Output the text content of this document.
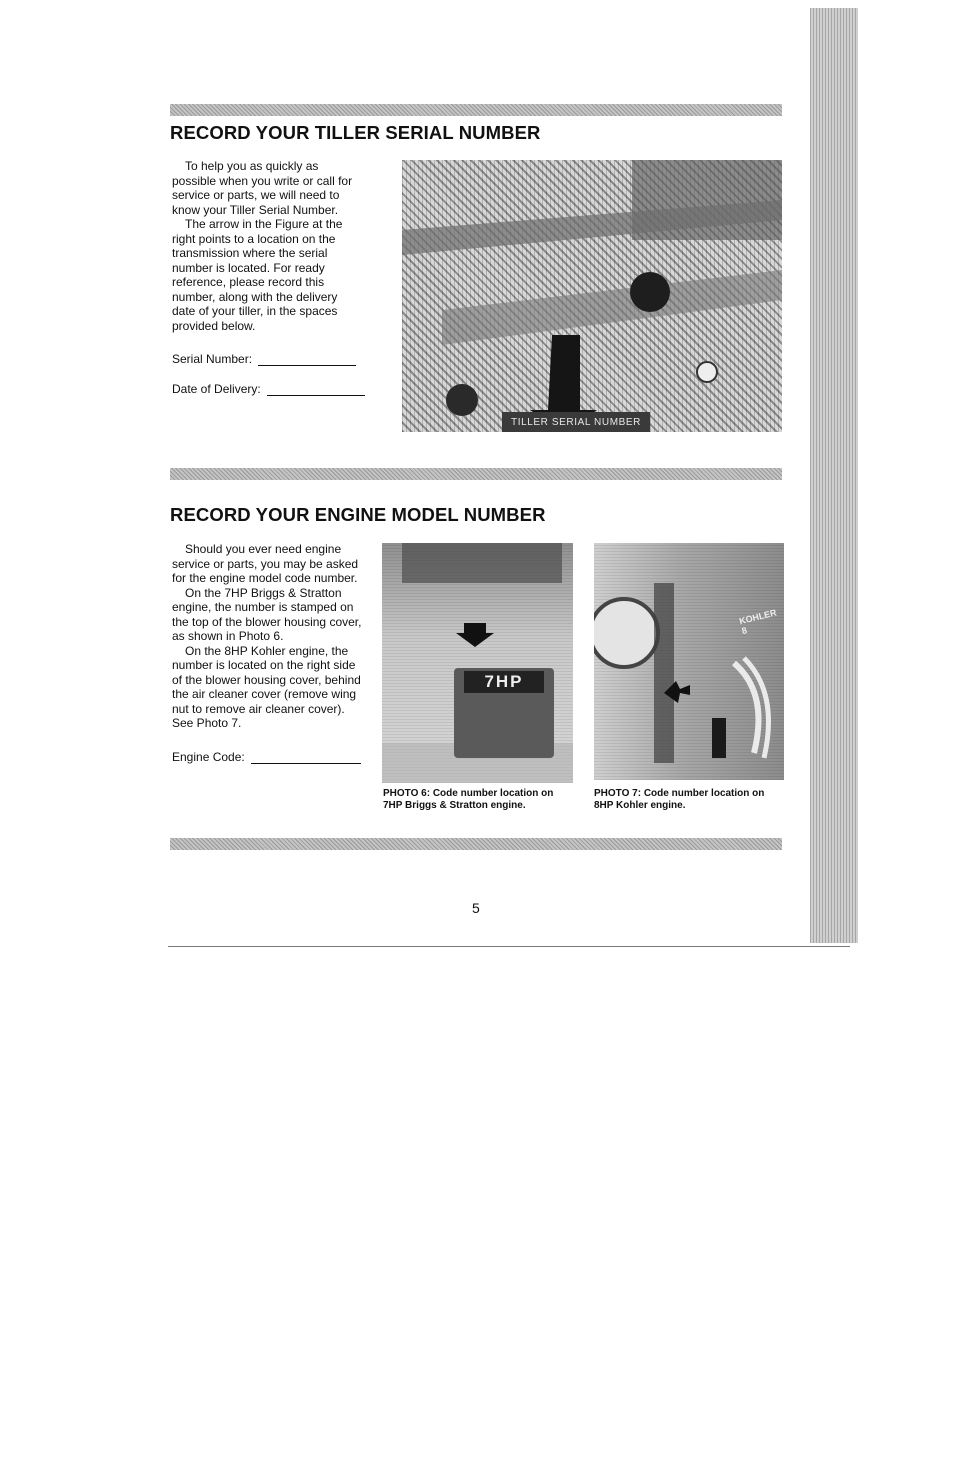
RECORD YOUR TILLER SERIAL NUMBER

To help you as quickly as possible when you write or call for service or parts, we will need to know your Tiller Serial Number.

The arrow in the Figure at the right points to a location on the transmission where the serial number is located. For ready reference, please record this number, along with the delivery date of your tiller, in the spaces provided below.

Serial Number:
Date of Delivery:
TILLER SERIAL NUMBER
RECORD YOUR ENGINE MODEL NUMBER

Should you ever need engine service or parts, you may be asked for the engine model code number.

On the 7HP Briggs & Stratton engine, the number is stamped on the top of the blower housing cover, as shown in Photo 6.

On the 8HP Kohler engine, the number is located on the right side of the blower housing cover, behind the air cleaner cover (remove wing nut to remove air cleaner cover). See Photo 7.

Engine Code:
7HP

PHOTO 6: Code number location on 7HP Briggs & Stratton engine.

KOHLER 8

PHOTO 7: Code number location on 8HP Kohler engine.

5
